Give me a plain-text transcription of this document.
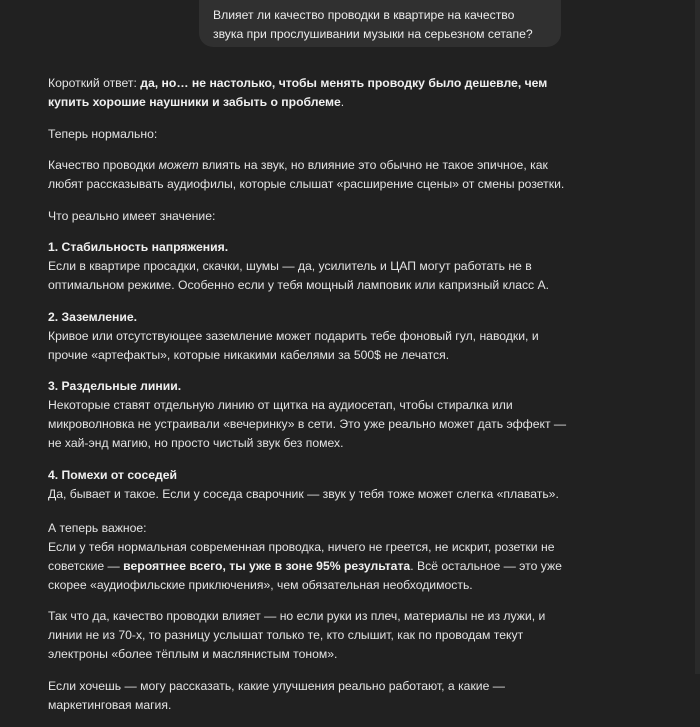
Влияет ли качество проводки в квартире на качество звука при прослушивании музыки на серьезном сетапе?

Короткий ответ: да, но… не настолько, чтобы менять проводку было дешевле, чем купить хорошие наушники и забыть о проблеме.

Теперь нормально:

Качество проводки может влиять на звук, но влияние это обычно не такое эпичное, как любят рассказывать аудиофилы, которые слышат «расширение сцены» от смены розетки.

Что реально имеет значение:

1. Стабильность напряжения.
Если в квартире просадки, скачки, шумы — да, усилитель и ЦАП могут работать не в оптимальном режиме. Особенно если у тебя мощный ламповик или капризный класс А.

2. Заземление.
Кривое или отсутствующее заземление может подарить тебе фоновый гул, наводки, и прочие «артефакты», которые никакими кабелями за 500$ не лечатся.

3. Раздельные линии.
Некоторые ставят отдельную линию от щитка на аудиосетап, чтобы стиралка или микроволновка не устраивали «вечеринку» в сети. Это уже реально может дать эффект — не хай-энд магию, но просто чистый звук без помех.

4. Помехи от соседей
Да, бывает и такое. Если у соседа сварочник — звук у тебя тоже может слегка «плавать».

А теперь важное:
Если у тебя нормальная современная проводка, ничего не греется, не искрит, розетки не советские — вероятнее всего, ты уже в зоне 95% результата. Всё остальное — это уже скорее «аудиофильские приключения», чем обязательная необходимость.

Так что да, качество проводки влияет — но если руки из плеч, материалы не из лужи, и линии не из 70-х, то разницу услышат только те, кто слышит, как по проводам текут электроны «более тёплым и маслянистым тоном».

Если хочешь — могу рассказать, какие улучшения реально работают, а какие — маркетинговая магия.
